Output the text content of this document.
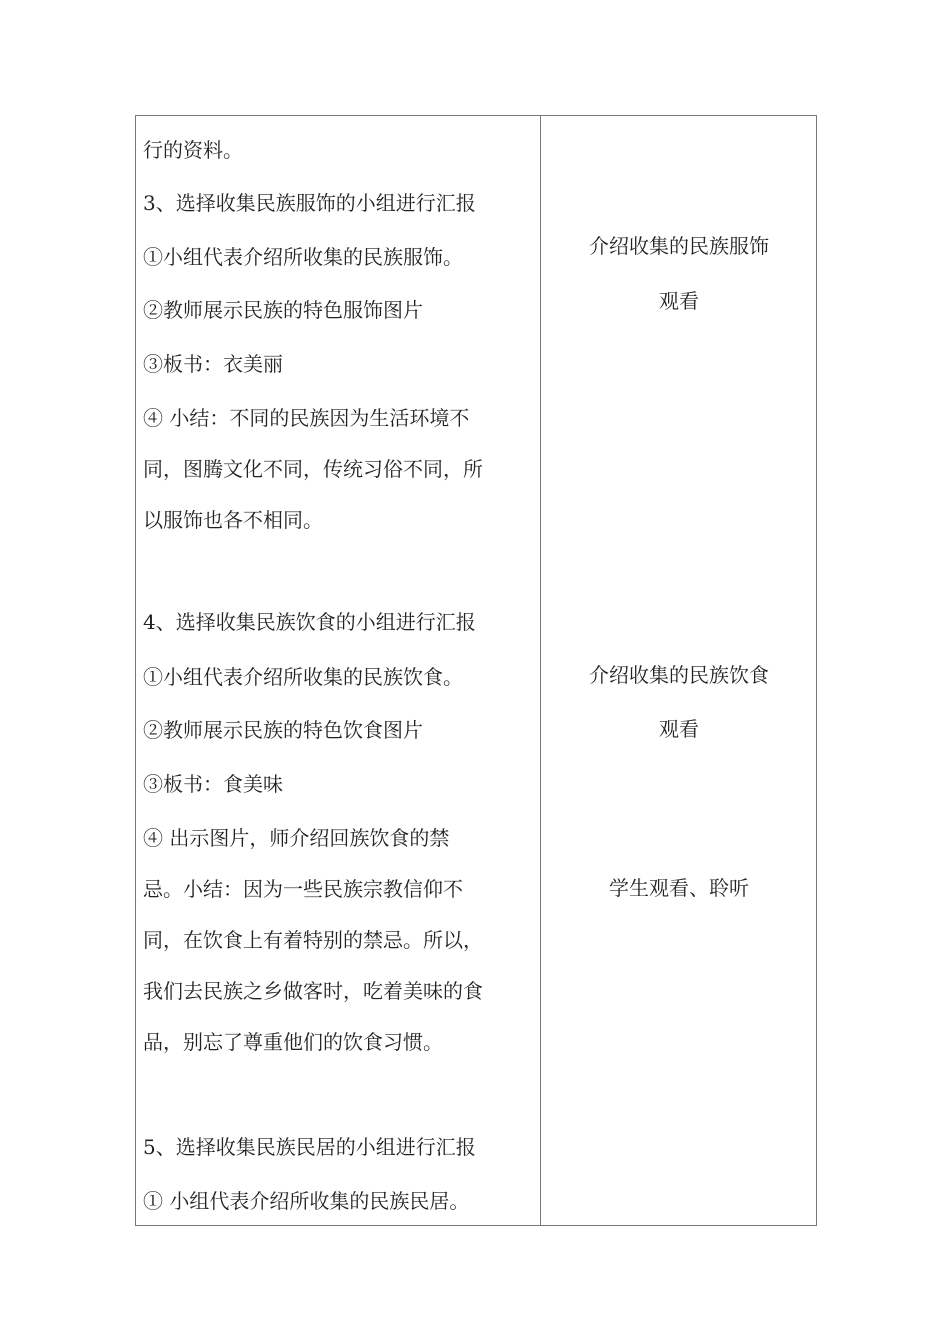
行的资料。
3、选择收集民族服饰的小组进行汇报
①小组代表介绍所收集的民族服饰。
②教师展示民族的特色服饰图片
③板书：衣美丽
④ 小结：不同的民族因为生活环境不
同，图腾文化不同，传统习俗不同，所
以服饰也各不相同。
4、选择收集民族饮食的小组进行汇报
①小组代表介绍所收集的民族饮食。
②教师展示民族的特色饮食图片
③板书：食美味
④ 出示图片，师介绍回族饮食的禁
忌。小结：因为一些民族宗教信仰不
同，在饮食上有着特别的禁忌。所以，
我们去民族之乡做客时，吃着美味的食
品，别忘了尊重他们的饮食习惯。
5、选择收集民族民居的小组进行汇报
① 小组代表介绍所收集的民族民居。
介绍收集的民族服饰
观看
介绍收集的民族饮食
观看
学生观看、聆听
